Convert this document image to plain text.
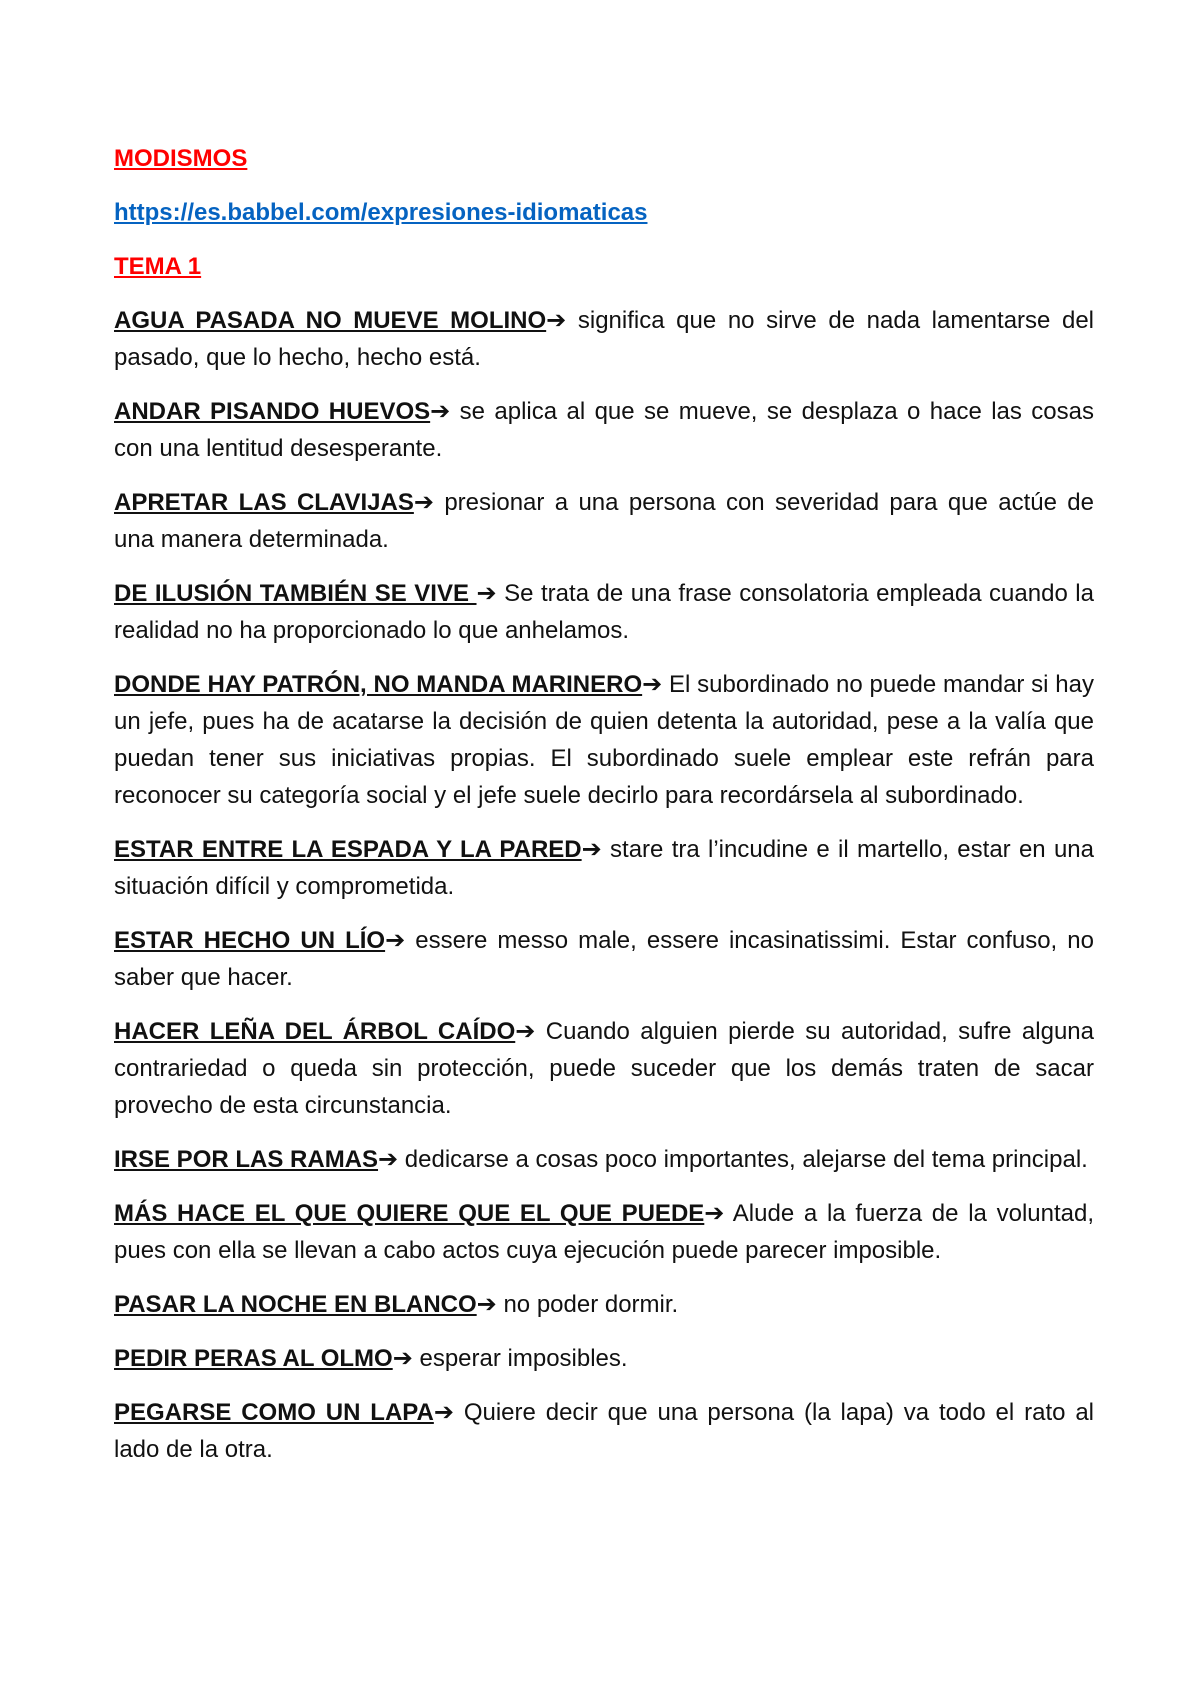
MODISMOS
https://es.babbel.com/expresiones-idiomaticas
TEMA 1
AGUA PASADA NO MUEVE MOLINO➔ significa que no sirve de nada lamentarse del pasado, que lo hecho, hecho está.
ANDAR PISANDO HUEVOS➔ se aplica al que se mueve, se desplaza o hace las cosas con una lentitud desesperante.
APRETAR LAS CLAVIJAS➔ presionar a una persona con severidad para que actúe de una manera determinada.
DE ILUSIÓN TAMBIÉN SE VIVE ➔ Se trata de una frase consolatoria empleada cuando la realidad no ha proporcionado lo que anhelamos.
DONDE HAY PATRÓN, NO MANDA MARINERO➔ El subordinado no puede mandar si hay un jefe, pues ha de acatarse la decisión de quien detenta la autoridad, pese a la valía que puedan tener sus iniciativas propias. El subordinado suele emplear este refrán para reconocer su categoría social y el jefe suele decirlo para recordársela al subordinado.
ESTAR ENTRE LA ESPADA Y LA PARED➔ stare tra l’incudine e il martello, estar en una situación difícil y comprometida.
ESTAR HECHO UN LÍO➔ essere messo male, essere incasinatissimi. Estar confuso, no saber que hacer.
HACER LEÑA DEL ÁRBOL CAÍDO➔ Cuando alguien pierde su autoridad, sufre alguna contrariedad o queda sin protección, puede suceder que los demás traten de sacar provecho de esta circunstancia.
IRSE POR LAS RAMAS➔ dedicarse a cosas poco importantes, alejarse del tema principal.
MÁS HACE EL QUE QUIERE QUE EL QUE PUEDE➔ Alude a la fuerza de la voluntad, pues con ella se llevan a cabo actos cuya ejecución puede parecer imposible.
PASAR LA NOCHE EN BLANCO➔ no poder dormir.
PEDIR PERAS AL OLMO➔ esperar imposibles.
PEGARSE COMO UN LAPA➔ Quiere decir que una persona (la lapa) va todo el rato al lado de la otra.
